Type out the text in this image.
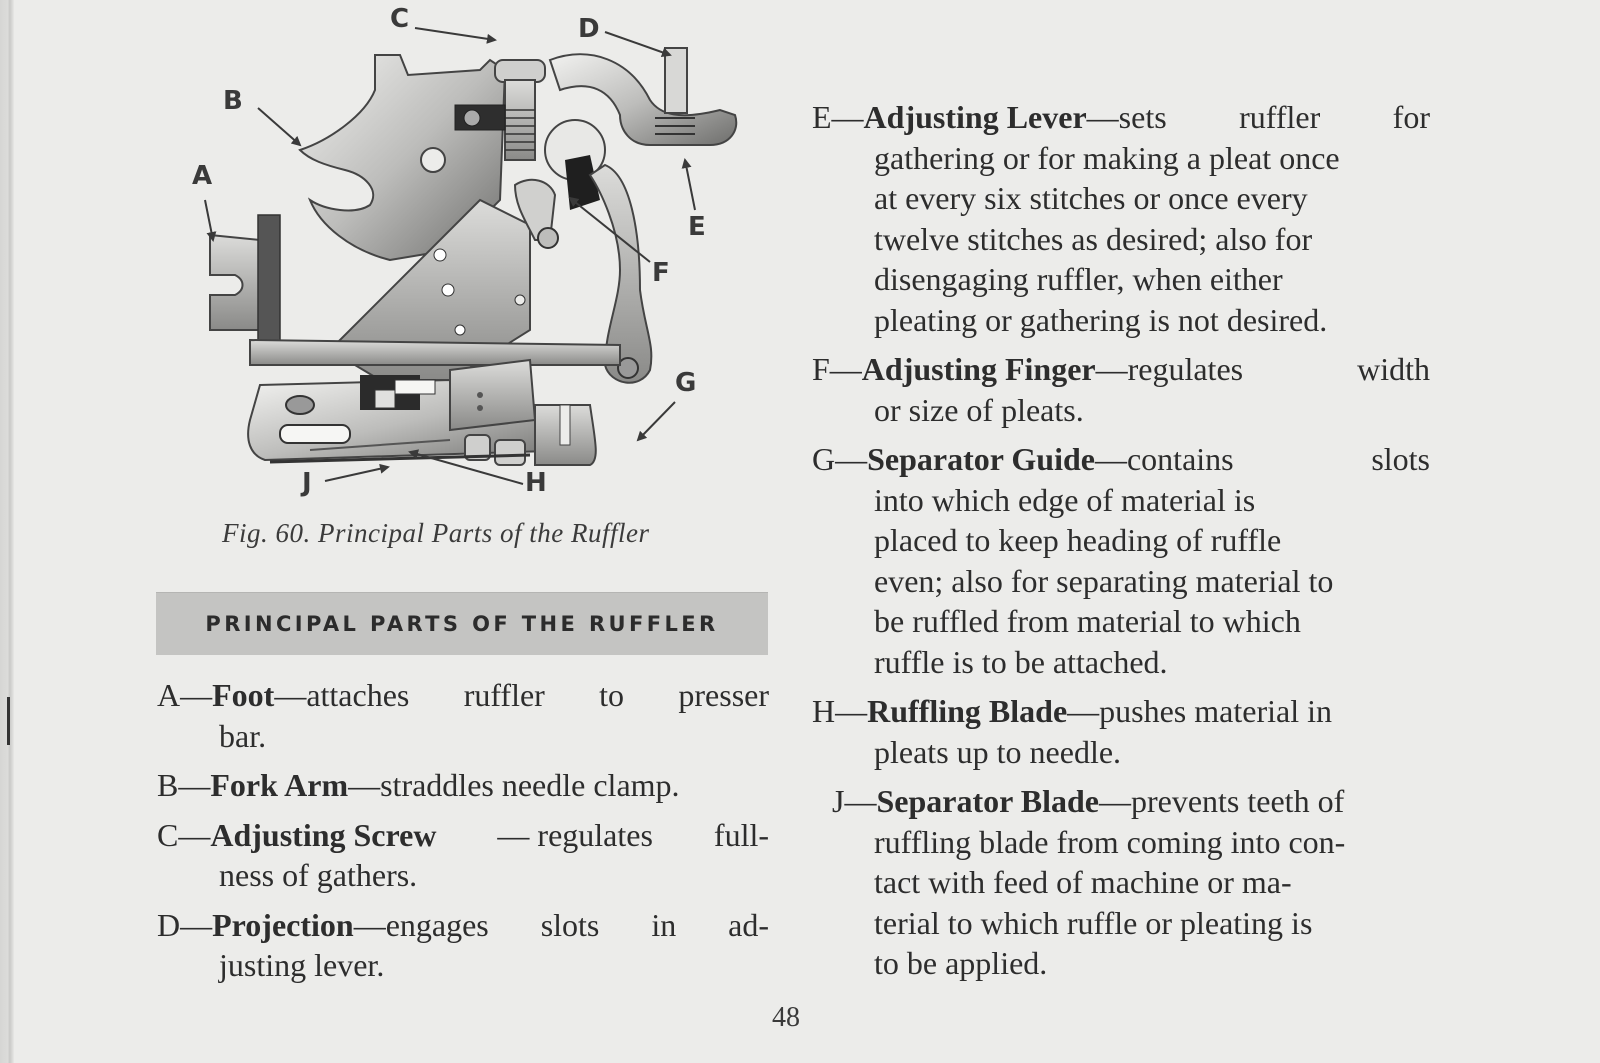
C	D
B
A
E
F
G
H
J
Fig. 60. Principal Parts of the Ruffler
PRINCIPAL PARTS OF THE RUFFLER
A—Foot—attaches ruffler to presser
bar.
B—Fork Arm—straddles needle clamp.
C—Adjusting Screw — regulates full-
ness of gathers.
D—Projection—engages slots in ad-
justing lever.
E—Adjusting Lever—sets ruffler for
gathering or for making a pleat once
at every six stitches or once every
twelve stitches as desired; also for
disengaging ruffler, when either
pleating or gathering is not desired.
F—Adjusting Finger—regulates	width
or size of pleats.
G—Separator Guide—contains	slots
into which edge of material is
placed to keep heading of ruffle
even; also for separating material to
be ruffled from material to which
ruffle is to be attached.
H—Ruffling Blade—pushes material in
pleats up to needle.
J—Separator Blade—prevents teeth of
ruffling blade from coming into con-
tact with feed of machine or ma-
terial to which ruffle or pleating is
to be applied.
48
